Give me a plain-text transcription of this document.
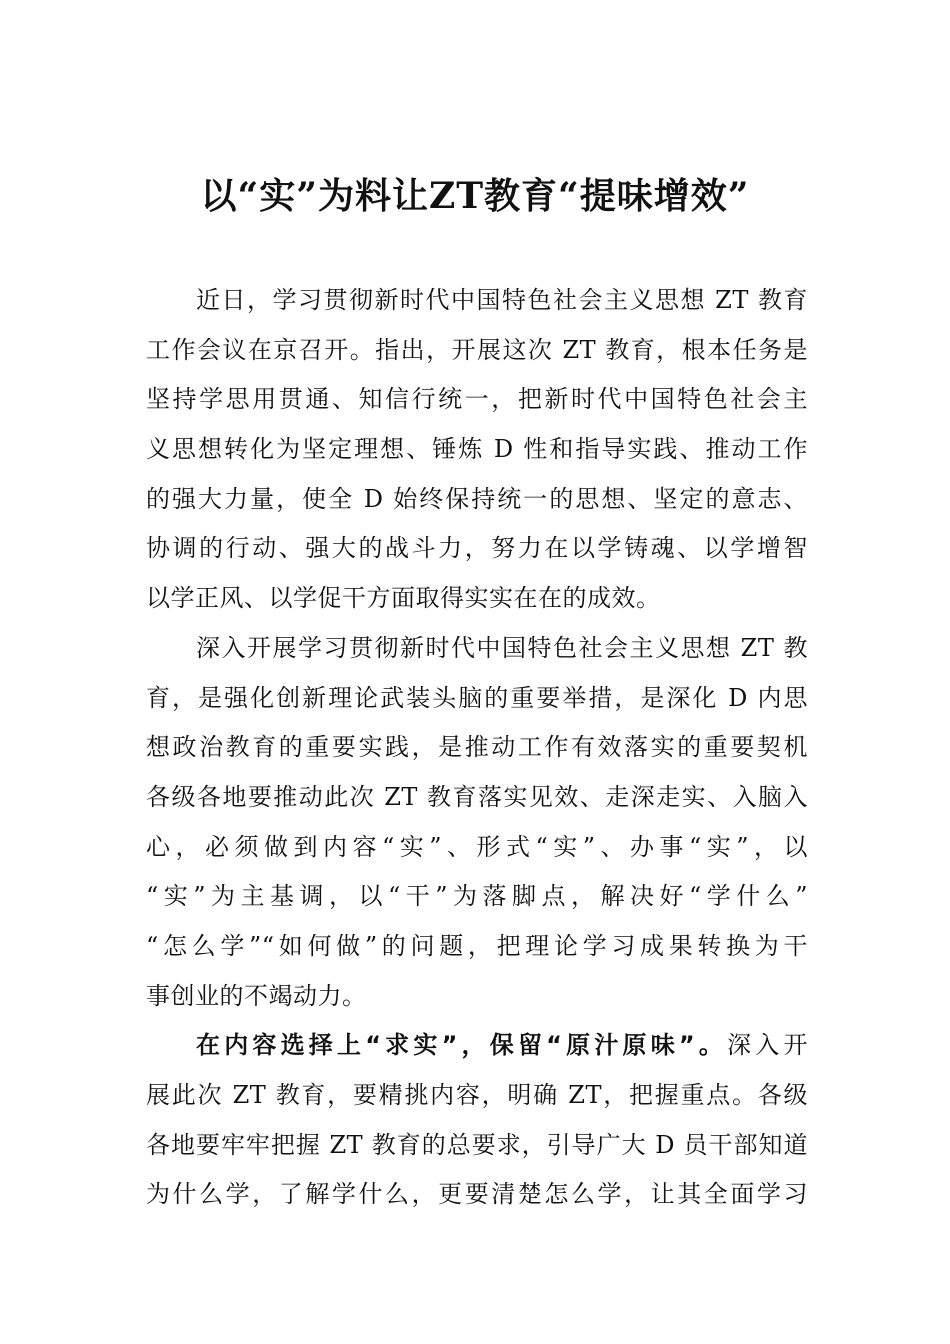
以“实”为料让ZT教育“提味增效”
近日，学习贯彻新时代中国特色社会主义思想 ZT 教育
工作会议在京召开。指出，开展这次 ZT 教育，根本任务是
坚持学思用贯通、知信行统一，把新时代中国特色社会主
义思想转化为坚定理想、锤炼 D 性和指导实践、推动工作
的强大力量，使全 D 始终保持统一的思想、坚定的意志、
协调的行动、强大的战斗力，努力在以学铸魂、以学增智
以学正风、以学促干方面取得实实在在的成效。
深入开展学习贯彻新时代中国特色社会主义思想 ZT 教
育，是强化创新理论武装头脑的重要举措，是深化 D 内思
想政治教育的重要实践，是推动工作有效落实的重要契机
各级各地要推动此次 ZT 教育落实见效、走深走实、入脑入
心，必须做到内容“实”、形式“实”、办事“实”，以
“实”为主基调，以“干”为落脚点，解决好“学什么”
“怎么学”“如何做”的问题，把理论学习成果转换为干
事创业的不竭动力。
在内容选择上“求实”，保留“原汁原味”。深入开
展此次 ZT 教育，要精挑内容，明确 ZT，把握重点。各级
各地要牢牢把握 ZT 教育的总要求，引导广大 D 员干部知道
为什么学，了解学什么，更要清楚怎么学，让其全面学习
